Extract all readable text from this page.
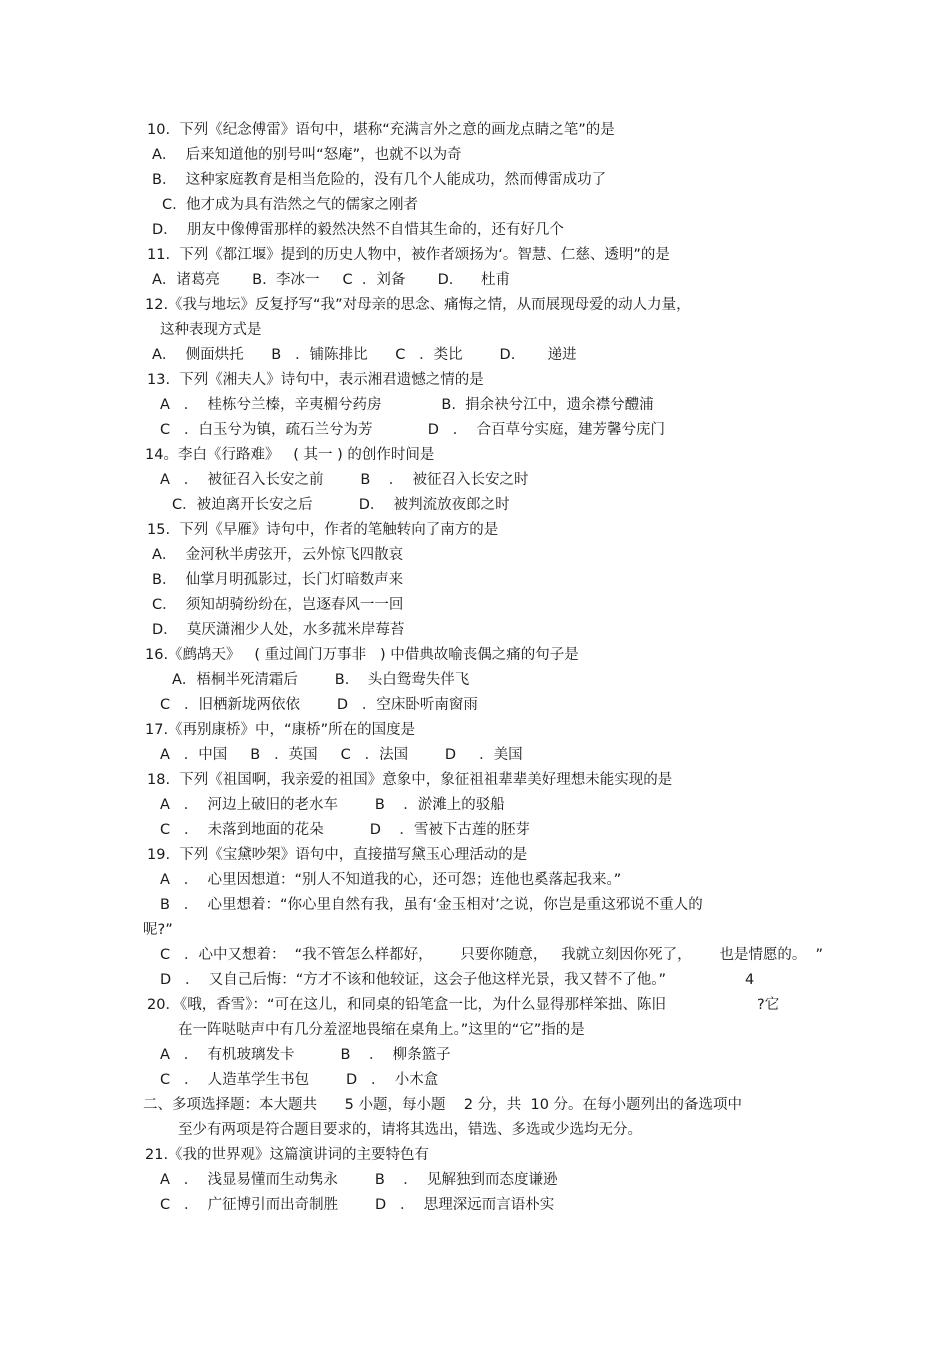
10.  下列《纪念傅雷》语句中，堪称“充满言外之意的画龙点睛之笔”的是
A．  后来知道他的别号叫“怒庵”，也就不以为奇
B．  这种家庭教育是相当危险的，没有几个人能成功，然而傅雷成功了
C.  他才成为具有浩然之气的儒家之刚者
D．  朋友中像傅雷那样的毅然决然不自惜其生命的，还有好几个
11.  下列《都江堰》提到的历史人物中，被作者颂扬为‘。智慧、仁慈、透明”的是
A．诸葛亮       B.  李冰一     C  ．刘备       D.      杜甫
12.《我与地坛》反复抒写“我”对母亲的思念、痛悔之情，从而展现母爱的动人力量，
这种表现方式是
A．  侧面烘托      B   ．铺陈排比      C   ．类比        D.       递进
13.  下列《湘夫人》诗句中，表示湘君遗憾之情的是
A   ．  桂栋兮兰榛，辛夷楣兮药房             B.  捐余袂兮江中，遗余襟兮醴浦
C   ．白玉兮为镇，疏石兰兮为芳            D   ．  合百草兮实庭，建芳馨兮庑门
14。李白《行路难》   ( 其一 ) 的创作时间是
A   ．  被征召入长安之前        B    ．  被征召入长安之时
C．被迫离开长安之后          D．  被判流放夜郎之时
15.  下列《早雁》诗句中，作者的笔触转向了南方的是
A．  金河秋半虏弦开，云外惊飞四散哀
B．  仙掌月明孤影过，长门灯暗数声来
C．  须知胡骑纷纷在，岂逐春风一一回
D．  莫厌潇湘少人处，水多菰米岸莓苔
16.《鹧鸪天》   ( 重过阊门万事非   ) 中借典故喻丧偶之痛的句子是
A．梧桐半死清霜后        B.    头白鸳鸯失伴飞
C   ．旧栖新垅两依依        D   ．空床卧听南窗雨
17.《再别康桥》中，“康桥”所在的国度是
A   ．中国     B   ．英国     C   ．法国        D     ．美国
18.  下列《祖国啊，我亲爱的祖国》意象中，象征祖祖辈辈美好理想未能实现的是
A   ．  河边上破旧的老水车        B    ．淤滩上的驳船
C   ．  未落到地面的花朵          D    ．雪被下古莲的胚芽
19.  下列《宝黛吵架》语句中，直接描写黛玉心理活动的是
A   ．  心里因想道：“别人不知道我的心，还可怨；连他也奚落起我来。”
B   ．  心里想着：“你心里自然有我，虽有‘金玉相对’之说，你岂是重这邪说不重人的
呢?”
C   ．心中又想着：  “我不管怎么样都好，      只要你随意，   我就立刻因你死了，      也是情愿的。  ”
D   ．  又自己后悔：“方才不该和他较证，这会子他这样光景，我又替不了他。”	4
20．《哦，香雪》：“可在这儿，和同桌的铅笔盒一比，为什么显得那样笨拙、陈旧	?它
在一阵哒哒声中有几分羞涩地畏缩在桌角上。”这里的“它”指的是
A   ．  有机玻璃发卡          B    ．  柳条篮子
C   ．  人造革学生书包        D   ．  小木盒
二、多项选择题：本大题共      5 小题，每小题    2 分，共  10 分。在每小题列出的备选项中
至少有两项是符合题目要求的，请将其选出，错选、多选或少选均无分。
21.《我的世界观》这篇演讲词的主要特色有
A   ．  浅显易懂而生动隽永        B    ．  见解独到而态度谦逊
C   ．  广征博引而出奇制胜        D   ．  思理深远而言语朴实
